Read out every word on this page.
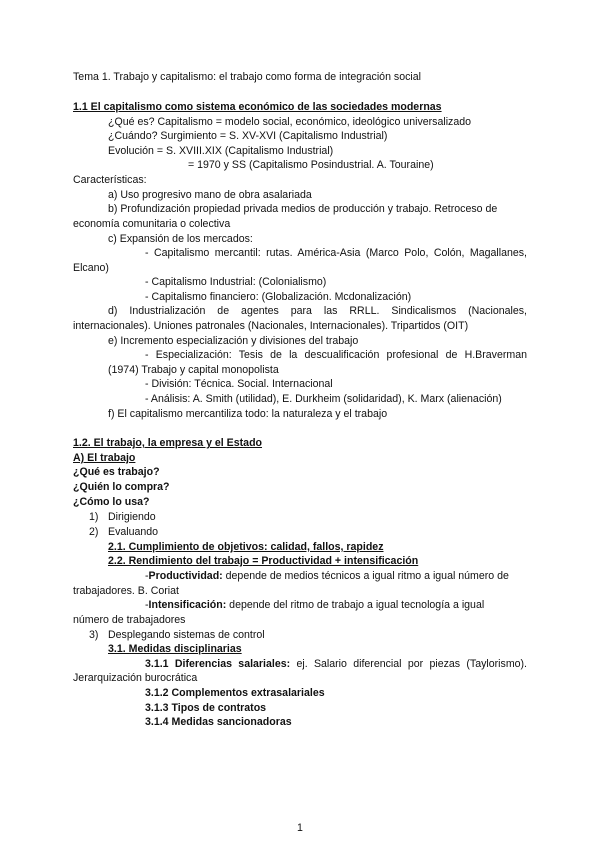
Tema 1. Trabajo y capitalismo: el trabajo como forma de integración social
1.1 El capitalismo como sistema económico de las sociedades modernas
¿Qué es? Capitalismo = modelo social, económico, ideológico universalizado
¿Cuándo? Surgimiento = S. XV-XVI (Capitalismo Industrial)
Evolución = S. XVIII.XIX (Capitalismo Industrial)
= 1970 y SS (Capitalismo Posindustrial. A. Touraine)
Características:
a) Uso progresivo mano de obra asalariada
b) Profundización propiedad privada medios de producción y trabajo. Retroceso de
economía comunitaria o colectiva
c) Expansión de los mercados:
- Capitalismo mercantil: rutas. América-Asia (Marco Polo, Colón, Magallanes,
Elcano)
- Capitalismo Industrial: (Colonialismo)
- Capitalismo financiero: (Globalización. Mcdonalización)
d) Industrialización de agentes para las RRLL. Sindicalismos (Nacionales,
internacionales). Uniones patronales (Nacionales, Internacionales). Tripartidos (OIT)
e) Incremento especialización y divisiones del trabajo
- Especialización: Tesis de la descualificación profesional de H.Braverman
(1974) Trabajo y capital monopolista
- División: Técnica. Social. Internacional
- Análisis: A. Smith (utilidad), E. Durkheim (solidaridad), K. Marx (alienación)
f) El capitalismo mercantiliza todo: la naturaleza y el trabajo
1.2. El trabajo, la empresa y el Estado
A) El trabajo
¿Qué es trabajo?
¿Quién lo compra?
¿Cómo lo usa?
1) Dirigiendo
2) Evaluando
2.1. Cumplimiento de objetivos: calidad, fallos, rapidez
2.2. Rendimiento del trabajo = Productividad + intensificación
-Productividad: depende de medios técnicos a igual ritmo a igual número de
trabajadores. B. Coriat
-Intensificación: depende del ritmo de trabajo a igual tecnología a igual
número de trabajadores
3) Desplegando sistemas de control
3.1. Medidas disciplinarias
3.1.1 Diferencias salariales: ej. Salario diferencial por piezas (Taylorismo).
Jerarquización burocrática
3.1.2 Complementos extrasalariales
3.1.3 Tipos de contratos
3.1.4 Medidas sancionadoras
1
